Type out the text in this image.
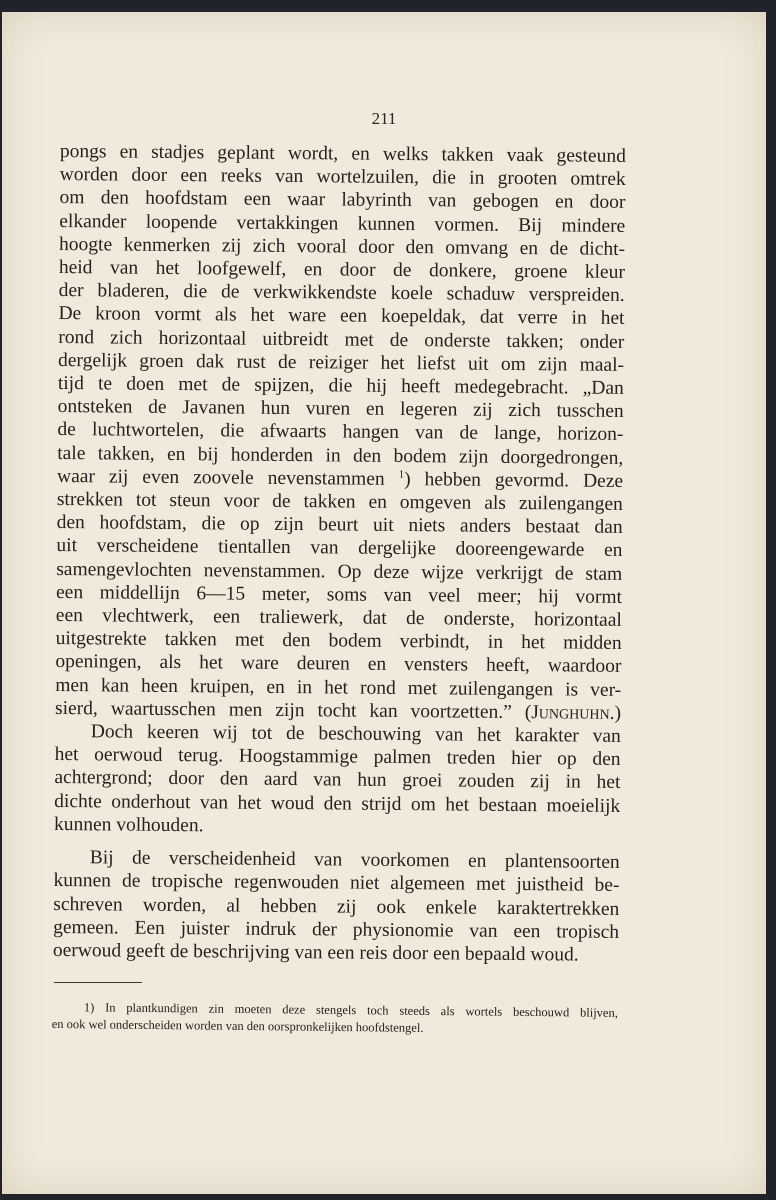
211
pongs en stadjes geplant wordt, en welks takken vaak gesteund
worden door een reeks van wortelzuilen, die in grooten omtrek
om den hoofdstam een waar labyrinth van gebogen en door
elkander loopende vertakkingen kunnen vormen. Bij mindere
hoogte kenmerken zij zich vooral door den omvang en de dicht-
heid van het loofgewelf, en door de donkere, groene kleur
der bladeren, die de verkwikkendste koele schaduw verspreiden.
De kroon vormt als het ware een koepeldak, dat verre in het
rond zich horizontaal uitbreidt met de onderste takken; onder
dergelijk groen dak rust de reiziger het liefst uit om zijn maal-
tijd te doen met de spijzen, die hij heeft medegebracht. „Dan
ontsteken de Javanen hun vuren en legeren zij zich tusschen
de luchtwortelen, die afwaarts hangen van de lange, horizon-
tale takken, en bij honderden in den bodem zijn doorgedrongen,
waar zij even zoovele nevenstammen $^1$) hebben gevormd. Deze
strekken tot steun voor de takken en omgeven als zuilengangen
den hoofdstam, die op zijn beurt uit niets anders bestaat dan
uit verscheidene tientallen van dergelijke dooreengewarde en
samengevlochten nevenstammen. Op deze wijze verkrijgt de stam
een middellijn 6—15 meter, soms van veel meer; hij vormt
een vlechtwerk, een traliewerk, dat de onderste, horizontaal
uitgestrekte takken met den bodem verbindt, in het midden
openingen, als het ware deuren en vensters heeft, waardoor
men kan heen kruipen, en in het rond met zuilengangen is ver-
sierd, waartusschen men zijn tocht kan voortzetten.” (Junghuhn.)
Doch keeren wij tot de beschouwing van het karakter van
het oerwoud terug. Hoogstammige palmen treden hier op den
achtergrond; door den aard van hun groei zouden zij in het
dichte onderhout van het woud den strijd om het bestaan moeielijk
kunnen volhouden.
Bij de verscheidenheid van voorkomen en plantensoorten
kunnen de tropische regenwouden niet algemeen met juistheid be-
schreven worden, al hebben zij ook enkele karaktertrekken
gemeen. Een juister indruk der physionomie van een tropisch
oerwoud geeft de beschrijving van een reis door een bepaald woud.
1) In plantkundigen zin moeten deze stengels toch steeds als wortels beschouwd blijven,
en ook wel onderscheiden worden van den oorspronkelijken hoofdstengel.
